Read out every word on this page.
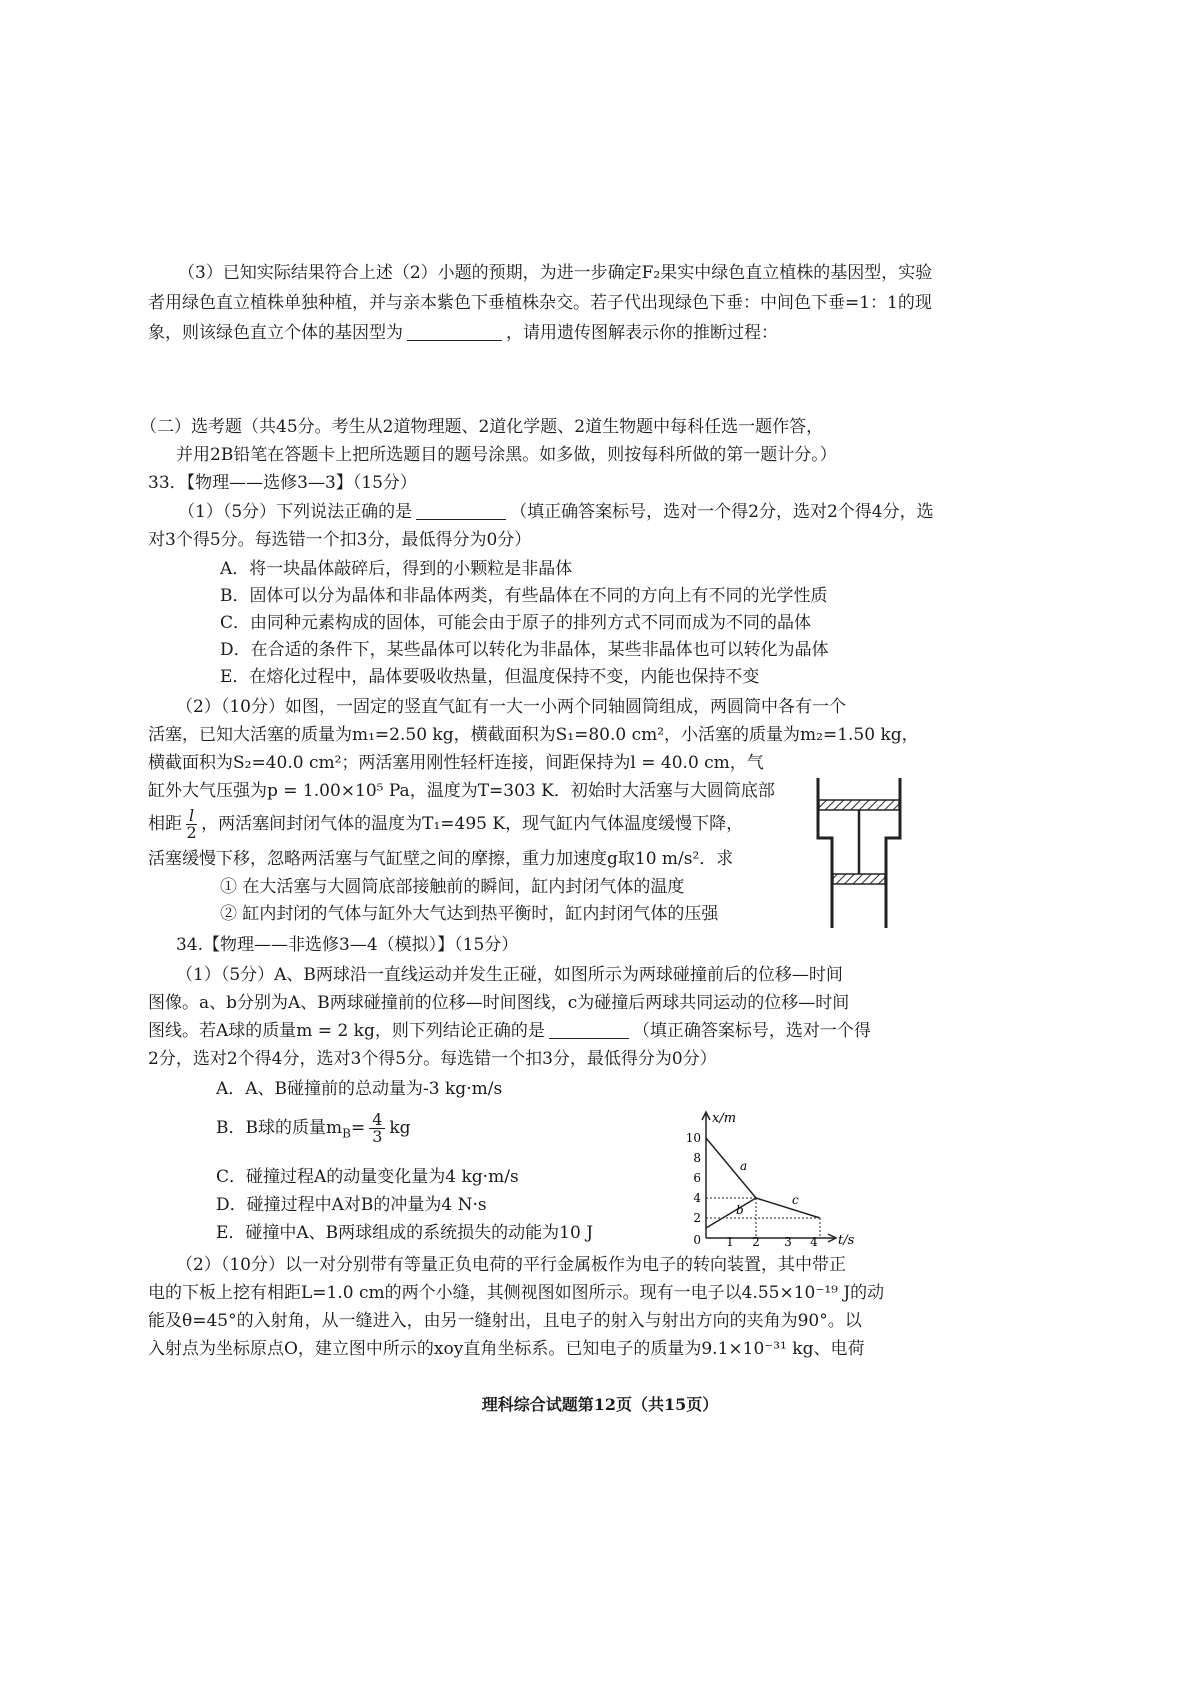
（3）已知实际结果符合上述（2）小题的预期，为进一步确定F₂果实中绿色直立植株的基因型，实验者用绿色直立植株单独种植，并与亲本紫色下垂植株杂交。若子代出现绿色下垂：中间色下垂=1：1的现象，则该绿色直立个体的基因型为	，请用遗传图解表示你的推断过程：

（二）选考题（共45分。考生从2道物理题、2道化学题、2道生物题中每科任选一题作答，
并用2B铅笔在答题卡上把所选题目的题号涂黑。如多做，则按每科所做的第一题计分。）
33．【物理——选修3—3】（15分）

（1）（5分）下列说法正确的是	（填正确答案标号，选对一个得2分，选对2个得4分，选对3个得5分。每选错一个扣3分，最低得分为0分）

A．将一块晶体敲碎后，得到的小颗粒是非晶体
B．固体可以分为晶体和非晶体两类，有些晶体在不同的方向上有不同的光学性质
C．由同种元素构成的固体，可能会由于原子的排列方式不同而成为不同的晶体
D．在合适的条件下，某些晶体可以转化为非晶体，某些非晶体也可以转化为晶体
E．在熔化过程中，晶体要吸收热量，但温度保持不变，内能也保持不变
（2）（10分）如图，一固定的竖直气缸有一大一小两个同轴圆筒组成，两圆筒中各有一个
活塞，已知大活塞的质量为m₁=2.50 kg，横截面积为S₁=80.0 cm²，小活塞的质量为m₂=1.50 kg，
横截面积为S₂=40.0 cm²；两活塞用刚性轻杆连接，间距保持为l = 40.0 cm，气
缸外大气压强为p = 1.00×10⁵ Pa，温度为T=303 K．初始时大活塞与大圆筒底部
相距 $\frac{l}{2}$ ，两活塞间封闭气体的温度为T₁=495 K，现气缸内气体温度缓慢下降，
活塞缓慢下移，忽略两活塞与气缸壁之间的摩擦，重力加速度g取10 m/s²．求
① 在大活塞与大圆筒底部接触前的瞬间，缸内封闭气体的温度
② 缸内封闭的气体与缸外大气达到热平衡时，缸内封闭气体的压强
34.【物理——非选修3—4（模拟）】（15分）
（1）（5分）A、B两球沿一直线运动并发生正碰，如图所示为两球碰撞前后的位移—时间
图像。a、b分别为A、B两球碰撞前的位移—时间图线，c为碰撞后两球共同运动的位移—时间
图线。若A球的质量m = 2 kg，则下列结论正确的是	（填正确答案标号，选对一个得
2分，选对2个得4分，选对3个得5分。每选错一个扣3分，最低得分为0分）
A．A、B碰撞前的总动量为-3 kg·m/s
B．B球的质量$m_B= \frac{4}{3}$ kg
C．碰撞过程A的动量变化量为4 kg·m/s
D．碰撞过程中A对B的冲量为4 N·s
E．碰撞中A、B两球组成的系统损失的动能为10 J
x/m
t/s
10
8
6
4
2
0 1 2 3 4
a
b
c
（2）（10分）以一对分别带有等量正负电荷的平行金属板作为电子的转向装置，其中带正
电的下板上挖有相距L=1.0 cm的两个小缝，其侧视图如图所示。现有一电子以4.55×10⁻¹⁹ J的动
能及θ=45°的入射角，从一缝进入，由另一缝射出，且电子的射入与射出方向的夹角为90°。以
入射点为坐标原点O，建立图中所示的xoy直角坐标系。已知电子的质量为9.1×10⁻³¹ kg、电荷
理科综合试题第12页（共15页）
